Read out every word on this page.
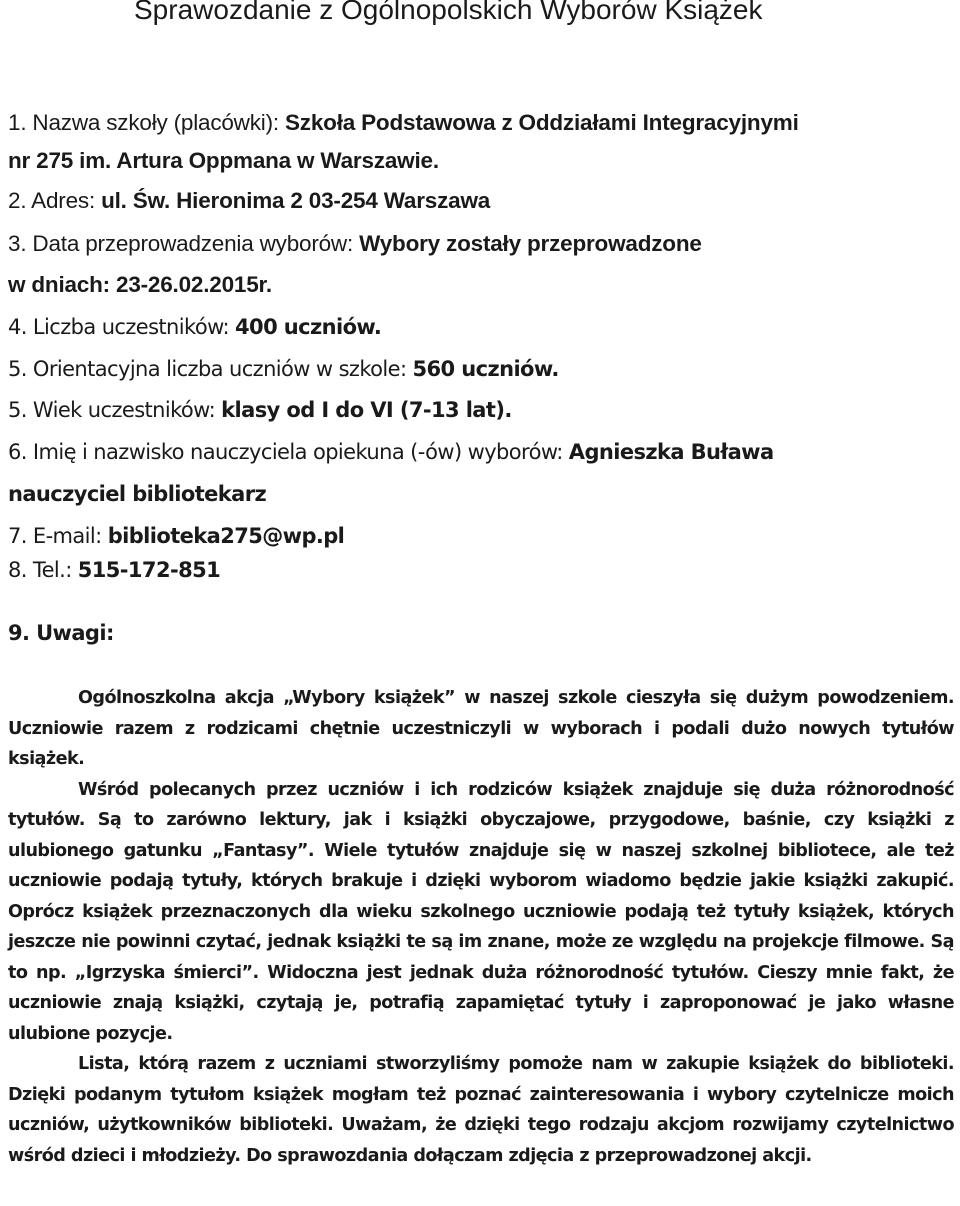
Sprawozdanie z Ogólnopolskich Wyborów Książek
1. Nazwa szkoły (placówki): Szkoła Podstawowa z Oddziałami Integracyjnymi
nr 275 im. Artura Oppmana w Warszawie.
2. Adres: ul. Św. Hieronima 2 03-254 Warszawa
3. Data przeprowadzenia wyborów: Wybory zostały przeprowadzone
w dniach: 23-26.02.2015r.
4. Liczba uczestników: 400 uczniów.
5. Orientacyjna liczba uczniów w szkole: 560 uczniów.
5. Wiek uczestników: klasy od I do VI (7-13 lat).
6. Imię i nazwisko nauczyciela opiekuna (-ów) wyborów: Agnieszka Buława
nauczyciel bibliotekarz
7. E-mail: biblioteka275@wp.pl
8. Tel.: 515-172-851
9. Uwagi:

Ogólnoszkolna akcja „Wybory książek” w naszej szkole cieszyła się dużym powodzeniem. Uczniowie razem z rodzicami chętnie uczestniczyli w wyborach i podali dużo nowych tytułów książek.

Wśród polecanych przez uczniów i ich rodziców książek znajduje się duża różnorodność tytułów. Są to zarówno lektury, jak i książki obyczajowe, przygodowe, baśnie, czy książki z ulubionego gatunku „Fantasy”. Wiele tytułów znajduje się w naszej szkolnej bibliotece, ale też uczniowie podają tytuły, których brakuje i dzięki wyborom wiadomo będzie jakie książki zakupić. Oprócz książek przeznaczonych dla wieku szkolnego uczniowie podają też tytuły książek, których jeszcze nie powinni czytać, jednak książki te są im znane, może ze względu na projekcje filmowe. Są to np. „Igrzyska śmierci”. Widoczna jest jednak duża różnorodność tytułów. Cieszy mnie fakt, że uczniowie znają książki, czytają je, potrafią zapamiętać tytuły i zaproponować je jako własne ulubione pozycje.

Lista, którą razem z uczniami stworzyliśmy pomoże nam w zakupie książek do biblioteki. Dzięki podanym tytułom książek mogłam też poznać zainteresowania i wybory czytelnicze moich uczniów, użytkowników biblioteki. Uważam, że dzięki tego rodzaju akcjom rozwijamy czytelnictwo wśród dzieci i młodzieży. Do sprawozdania dołączam zdjęcia z przeprowadzonej akcji.
